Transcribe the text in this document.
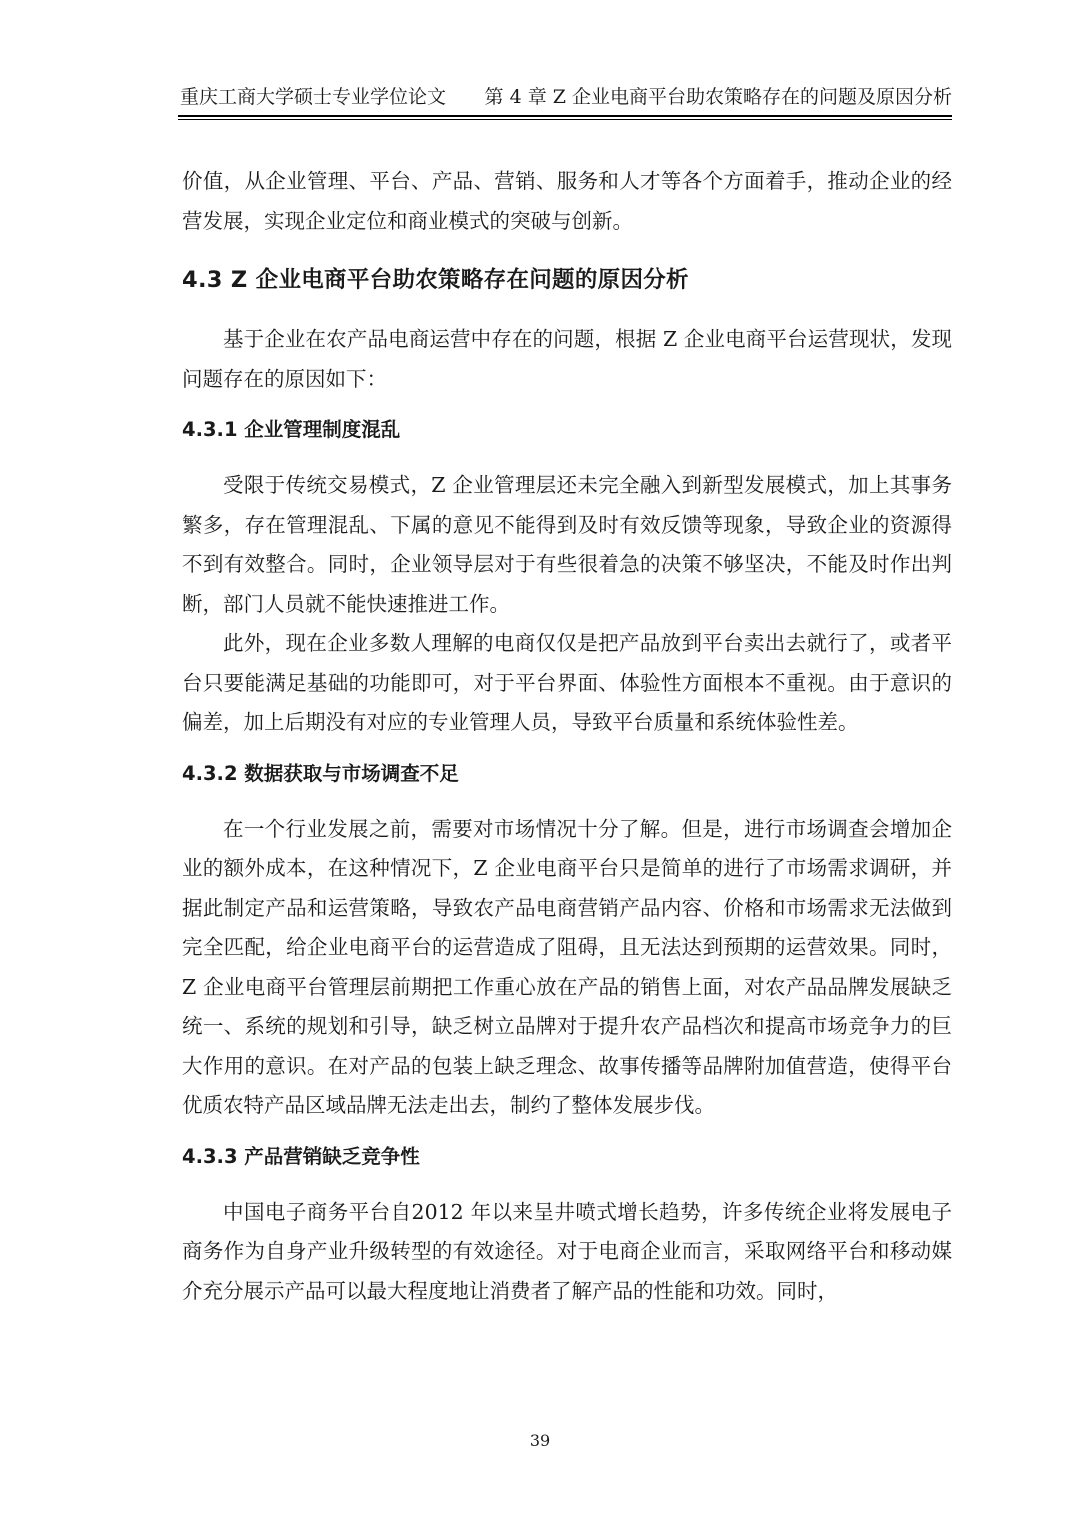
重庆工商大学硕士专业学位论文 第 4 章 Z 企业电商平台助农策略存在的问题及原因分析

价值，从企业管理、平台、产品、营销、服务和人才等各个方面着手，推动企业的经营发展，实现企业定位和商业模式的突破与创新。

4.3 Z 企业电商平台助农策略存在问题的原因分析

基于企业在农产品电商运营中存在的问题，根据 Z 企业电商平台运营现状，发现问题存在的原因如下：

4.3.1 企业管理制度混乱

受限于传统交易模式，Z 企业管理层还未完全融入到新型发展模式，加上其事务繁多，存在管理混乱、下属的意见不能得到及时有效反馈等现象，导致企业的资源得不到有效整合。同时，企业领导层对于有些很着急的决策不够坚决，不能及时作出判断，部门人员就不能快速推进工作。

此外，现在企业多数人理解的电商仅仅是把产品放到平台卖出去就行了，或者平台只要能满足基础的功能即可，对于平台界面、体验性方面根本不重视。由于意识的偏差，加上后期没有对应的专业管理人员，导致平台质量和系统体验性差。

4.3.2 数据获取与市场调查不足

在一个行业发展之前，需要对市场情况十分了解。但是，进行市场调查会增加企业的额外成本，在这种情况下，Z 企业电商平台只是简单的进行了市场需求调研，并据此制定产品和运营策略，导致农产品电商营销产品内容、价格和市场需求无法做到完全匹配，给企业电商平台的运营造成了阻碍，且无法达到预期的运营效果。同时，Z 企业电商平台管理层前期把工作重心放在产品的销售上面，对农产品品牌发展缺乏统一、系统的规划和引导，缺乏树立品牌对于提升农产品档次和提高市场竞争力的巨大作用的意识。在对产品的包装上缺乏理念、故事传播等品牌附加值营造，使得平台优质农特产品区域品牌无法走出去，制约了整体发展步伐。

4.3.3 产品营销缺乏竞争性

中国电子商务平台自2012 年以来呈井喷式增长趋势，许多传统企业将发展电子商务作为自身产业升级转型的有效途径。对于电商企业而言，采取网络平台和移动媒介充分展示产品可以最大程度地让消费者了解产品的性能和功效。同时，

39
